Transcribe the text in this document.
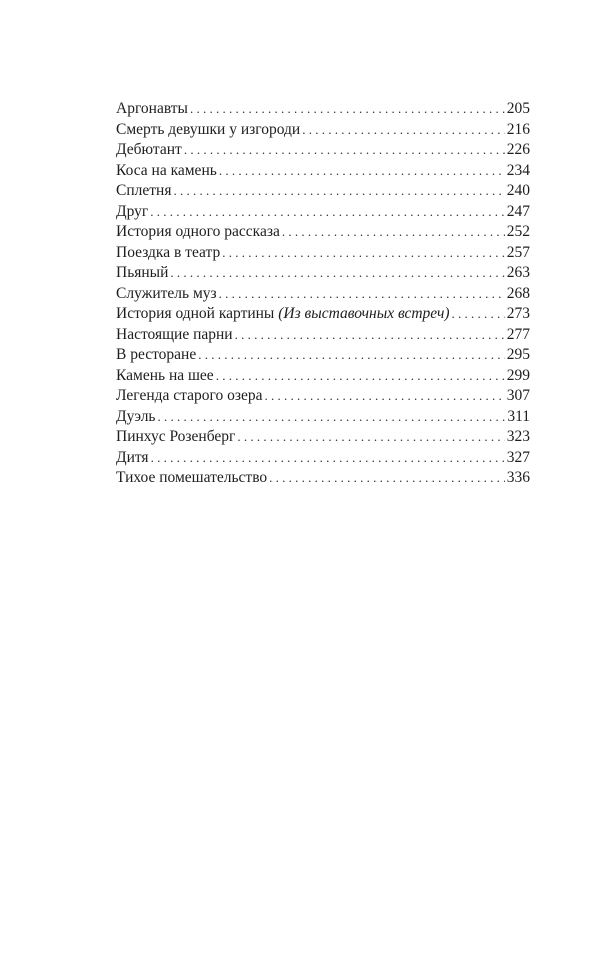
Аргонавты . . .	205
Смерть девушки у изгороди . . .	216
Дебютант . . .	226
Коса на камень . . .	234
Сплетня . . .	240
Друг . . .	247
История одного рассказа . . .	252
Поездка в театр . . .	257
Пьяный . . .	263
Служитель муз . . .	268
История одной картины (Из выставочных встреч) . . .	273
Настоящие парни . . .	277
В ресторане . . .	295
Камень на шее . . .	299
Легенда старого озера . . .	307
Дуэль . . .	311
Пинхус Розенберг . . .	323
Дитя . . .	327
Тихое помешательство . . .	336
